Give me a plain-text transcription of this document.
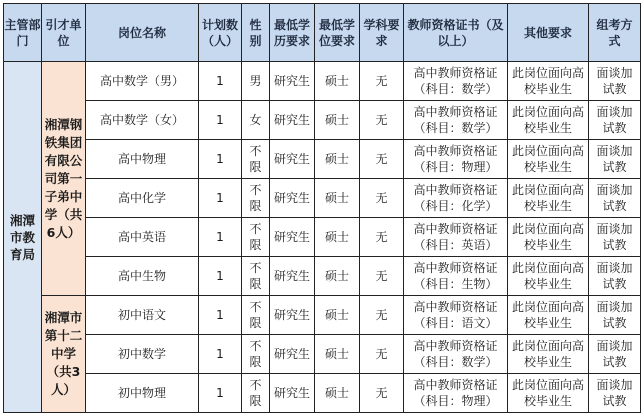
主管部门	引才单位	岗位名称	计划数（人）	性别	最低学历要求	最低学位要求	学科要求	教师资格证书（及以上）	其他要求	组考方式
湘潭市教育局	湘潭钢铁集团有限公司第一子弟中学（共6人）	高中数学（男）	1	男	研究生	硕士	无	高中教师资格证（科目：数学）	此岗位面向高校毕业生	面谈加试教
		高中数学（女）	1	女	研究生	硕士	无	高中教师资格证（科目：数学）	此岗位面向高校毕业生	面谈加试教
		高中物理	1	不限	研究生	硕士	无	高中教师资格证（科目：物理）	此岗位面向高校毕业生	面谈加试教
		高中化学	1	不限	研究生	硕士	无	高中教师资格证（科目：化学）	此岗位面向高校毕业生	面谈加试教
		高中英语	1	不限	研究生	硕士	无	高中教师资格证（科目：英语）	此岗位面向高校毕业生	面谈加试教
		高中生物	1	不限	研究生	硕士	无	高中教师资格证（科目：生物）	此岗位面向高校毕业生	面谈加试教
	湘潭市第十二中学（共3人）	初中语文	1	不限	研究生	硕士	无	高中教师资格证（科目：语文）	此岗位面向高校毕业生	面谈加试教
		初中数学	1	不限	研究生	硕士	无	高中教师资格证（科目：数学）	此岗位面向高校毕业生	面谈加试教
		初中物理	1	不限	研究生	硕士	无	高中教师资格证（科目：物理）	此岗位面向高校毕业生	面谈加试教
